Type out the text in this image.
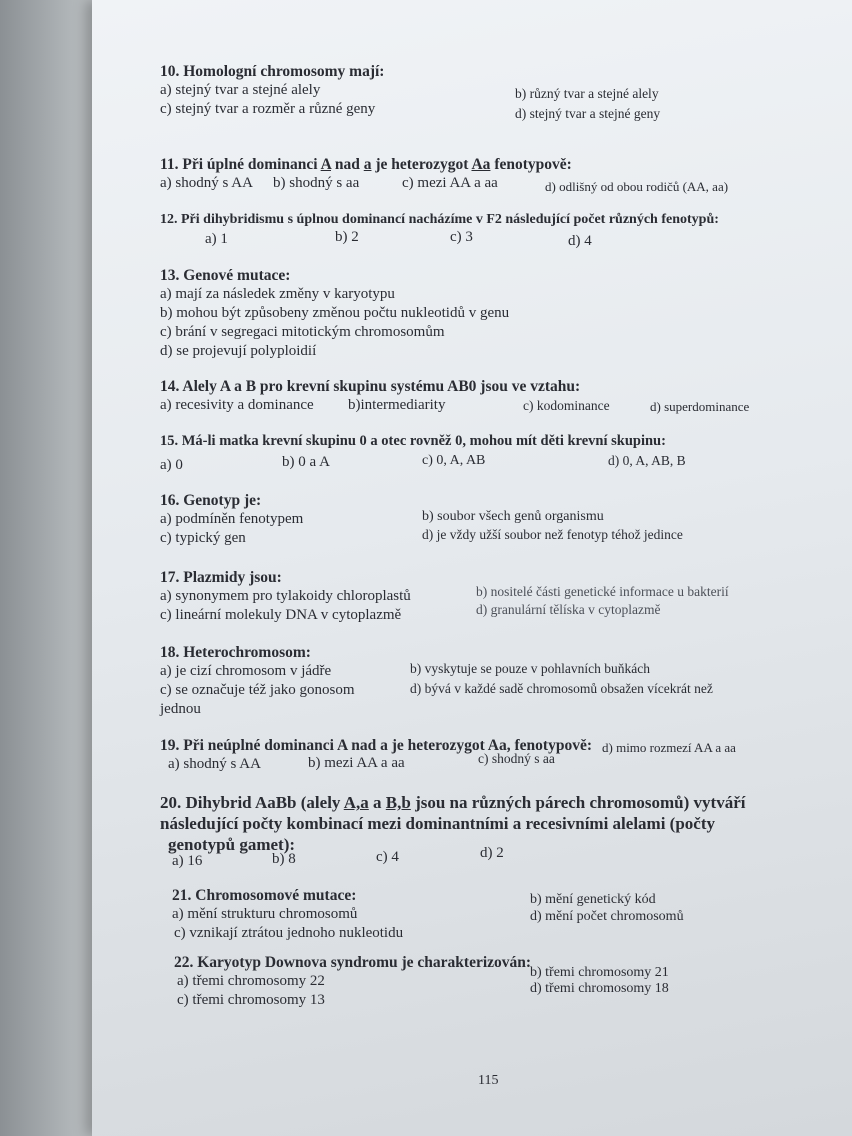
10. Homologní chromosomy mají:
a) stejný tvar a stejné alely
c) stejný tvar a rozměr a různé geny
b) různý tvar a stejné alely
d) stejný tvar a stejné geny
11. Při úplné dominanci A nad a je heterozygot Aa fenotypově:
a) shodný s AA b) shodný s aa	c) mezi AA a aa	d) odlišný od obou rodičů (AA, aa)
12. Při dihybridismu s úplnou dominancí nacházíme v F2 následující počet různých fenotypů:
a) 1	b) 2	c) 3	d) 4
13. Genové mutace:
a) mají za následek změny v karyotypu
b) mohou být způsobeny změnou počtu nukleotidů v genu
c) brání v segregaci mitotickým chromosomům
d) se projevují polyploidií
14. Alely A a B pro krevní skupinu systému AB0 jsou ve vztahu:
a) recesivity a dominance b)intermediarity	c) kodominance	d) superdominance
15. Má-li matka krevní skupinu 0 a otec rovněž 0, mohou mít děti krevní skupinu:
a) 0	b) 0 a A	c) 0, A, AB	d) 0, A, AB, B
16. Genotyp je:
a) podmíněn fenotypem
c) typický gen
b) soubor všech genů organismu
d) je vždy užší soubor než fenotyp téhož jedince
17. Plazmidy jsou:
a) synonymem pro tylakoidy chloroplastů
c) lineární molekuly DNA v cytoplazmě
b) nositelé části genetické informace u bakterií
d) granulární tělíska v cytoplazmě
18. Heterochromosom:
a) je cizí chromosom v jádře
c) se označuje též jako gonosom
jednou
b) vyskytuje se pouze v pohlavních buňkách
d) bývá v každé sadě chromosomů obsažen vícekrát než
19. Při neúplné dominanci A nad a je heterozygot Aa, fenotypově:
a) shodný s AA	b) mezi AA a aa	c) shodný s aa
d) mimo rozmezí AA a aa
20. Dihybrid AaBb (alely A,a a B,b jsou na různých párech chromosomů) vytváří
následující počty kombinací mezi dominantními a recesivními alelami (počty
genotypů gamet):
a) 16	b) 8	c) 4	d) 2
21. Chromosomové mutace:
a) mění strukturu chromosomů
c) vznikají ztrátou jednoho nukleotidu
b) mění genetický kód
d) mění počet chromosomů
22. Karyotyp Downova syndromu je charakterizován:
a) třemi chromosomy 22
c) třemi chromosomy 13
b) třemi chromosomy 21
d) třemi chromosomy 18
115
